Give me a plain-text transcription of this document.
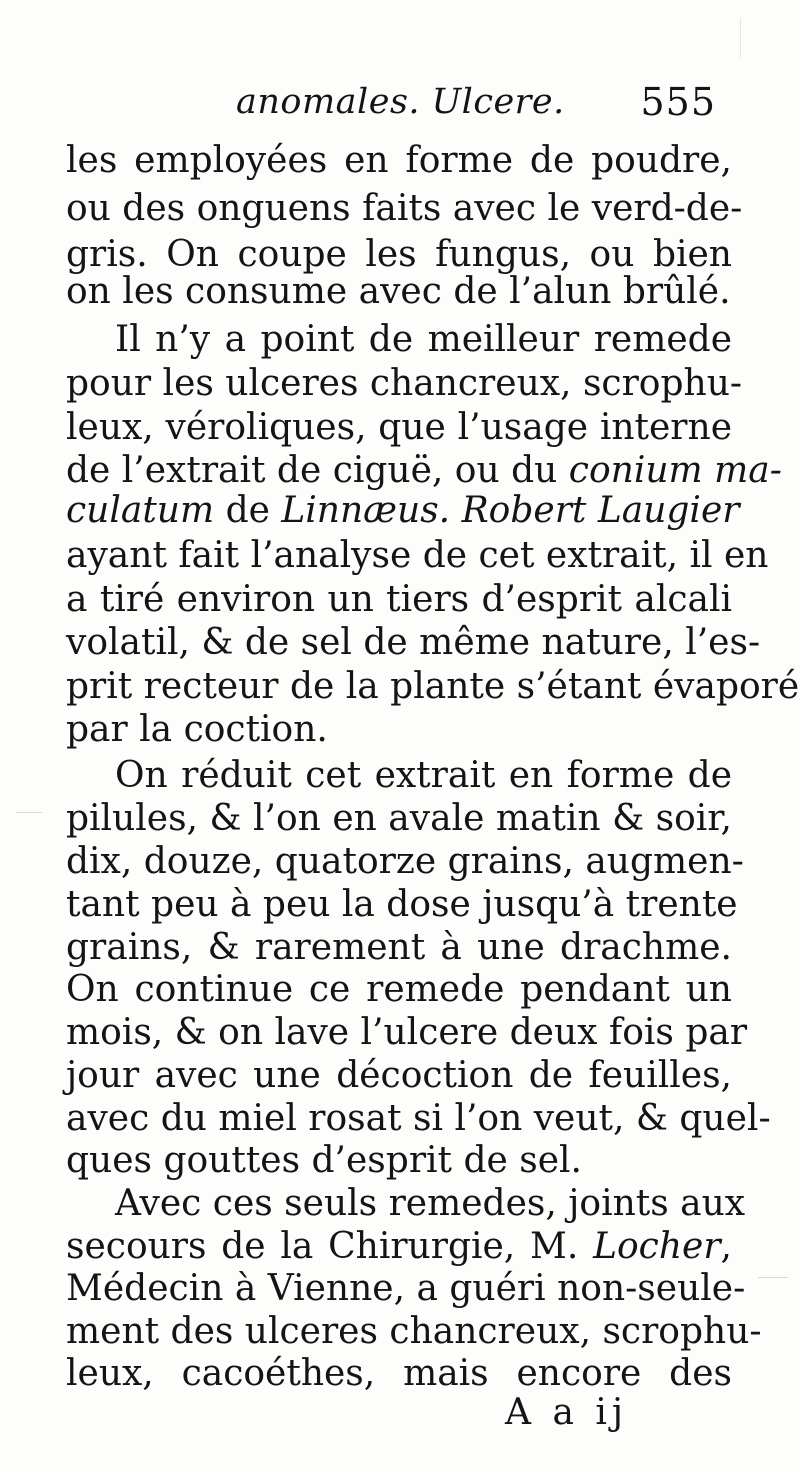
anomales. Ulcere. 555
les employées en forme de poudre,
ou des onguens faits avec le verd-de-
gris. On coupe les fungus, ou bien
on les consume avec de l’alun brûlé.
Il n’y a point de meilleur remede
pour les ulceres chancreux, scrophu-
leux, véroliques, que l’usage interne
de l’extrait de ciguë, ou du conium ma-
culatum de Linnæus. Robert Laugier
ayant fait l’analyse de cet extrait, il en
a tiré environ un tiers d’esprit alcali
volatil, & de sel de même nature, l’es-
prit recteur de la plante s’étant évaporé
par la coction.
On réduit cet extrait en forme de
pilules, & l’on en avale matin & soir,
dix, douze, quatorze grains, augmen-
tant peu à peu la dose jusqu’à trente
grains, & rarement à une drachme.
On continue ce remede pendant un
mois, & on lave l’ulcere deux fois par
jour avec une décoction de feuilles,
avec du miel rosat si l’on veut, & quel-
ques gouttes d’esprit de sel.
Avec ces seuls remedes, joints aux
secours de la Chirurgie, M. Locher,
Médecin à Vienne, a guéri non-seule-
ment des ulceres chancreux, scrophu-
leux, cacoéthes, mais encore des
A a ij
